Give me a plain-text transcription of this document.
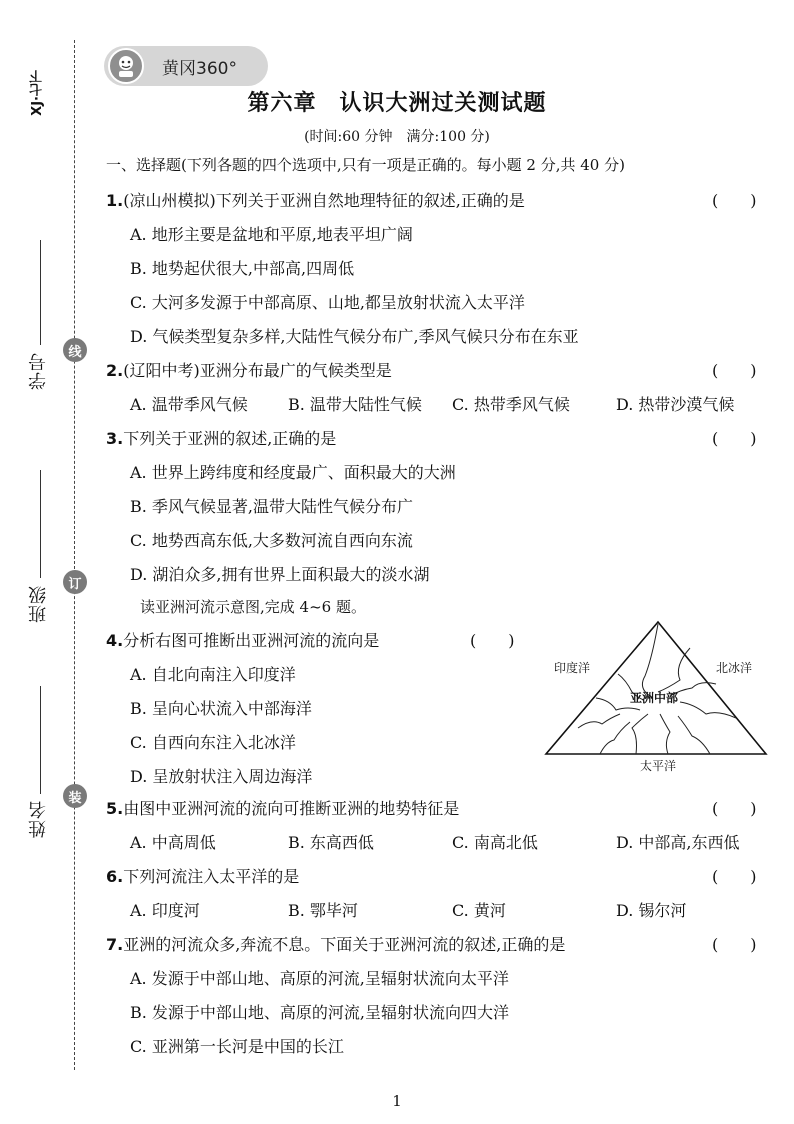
XJ·七下
学号
班级
姓名
线
订
装
黄冈360°
第六章　认识大洲过关测试题
(时间:60 分钟　满分:100 分)
一、选择题(下列各题的四个选项中,只有一项是正确的。每小题 2 分,共 40 分)
1.(凉山州模拟)下列关于亚洲自然地理特征的叙述,正确的是	(　　)
A. 地形主要是盆地和平原,地表平坦广阔
B. 地势起伏很大,中部高,四周低
C. 大河多发源于中部高原、山地,都呈放射状流入太平洋
D. 气候类型复杂多样,大陆性气候分布广,季风气候只分布在东亚
2.(辽阳中考)亚洲分布最广的气候类型是	(　　)
A. 温带季风气候	B. 温带大陆性气候 C. 热带季风气候	D. 热带沙漠气候
3.下列关于亚洲的叙述,正确的是	(　　)
A. 世界上跨纬度和经度最广、面积最大的大洲
B. 季风气候显著,温带大陆性气候分布广
C. 地势西高东低,大多数河流自西向东流
D. 湖泊众多,拥有世界上面积最大的淡水湖
读亚洲河流示意图,完成 4~6 题。
4.分析右图可推断出亚洲河流的流向是	(　　)
A. 自北向南注入印度洋
B. 呈向心状流入中部海洋
C. 自西向东注入北冰洋
D. 呈放射状注入周边海洋
印度洋	北冰洋
太平洋
亚洲中部
5.由图中亚洲河流的流向可推断亚洲的地势特征是	(　　)
A. 中高周低	B. 东高西低	C. 南高北低	D. 中部高,东西低
6.下列河流注入太平洋的是	(　　)
A. 印度河	B. 鄂毕河	C. 黄河	D. 锡尔河
7.亚洲的河流众多,奔流不息。下面关于亚洲河流的叙述,正确的是	(　　)
A. 发源于中部山地、高原的河流,呈辐射状流向太平洋
B. 发源于中部山地、高原的河流,呈辐射状流向四大洋
C. 亚洲第一长河是中国的长江
1
